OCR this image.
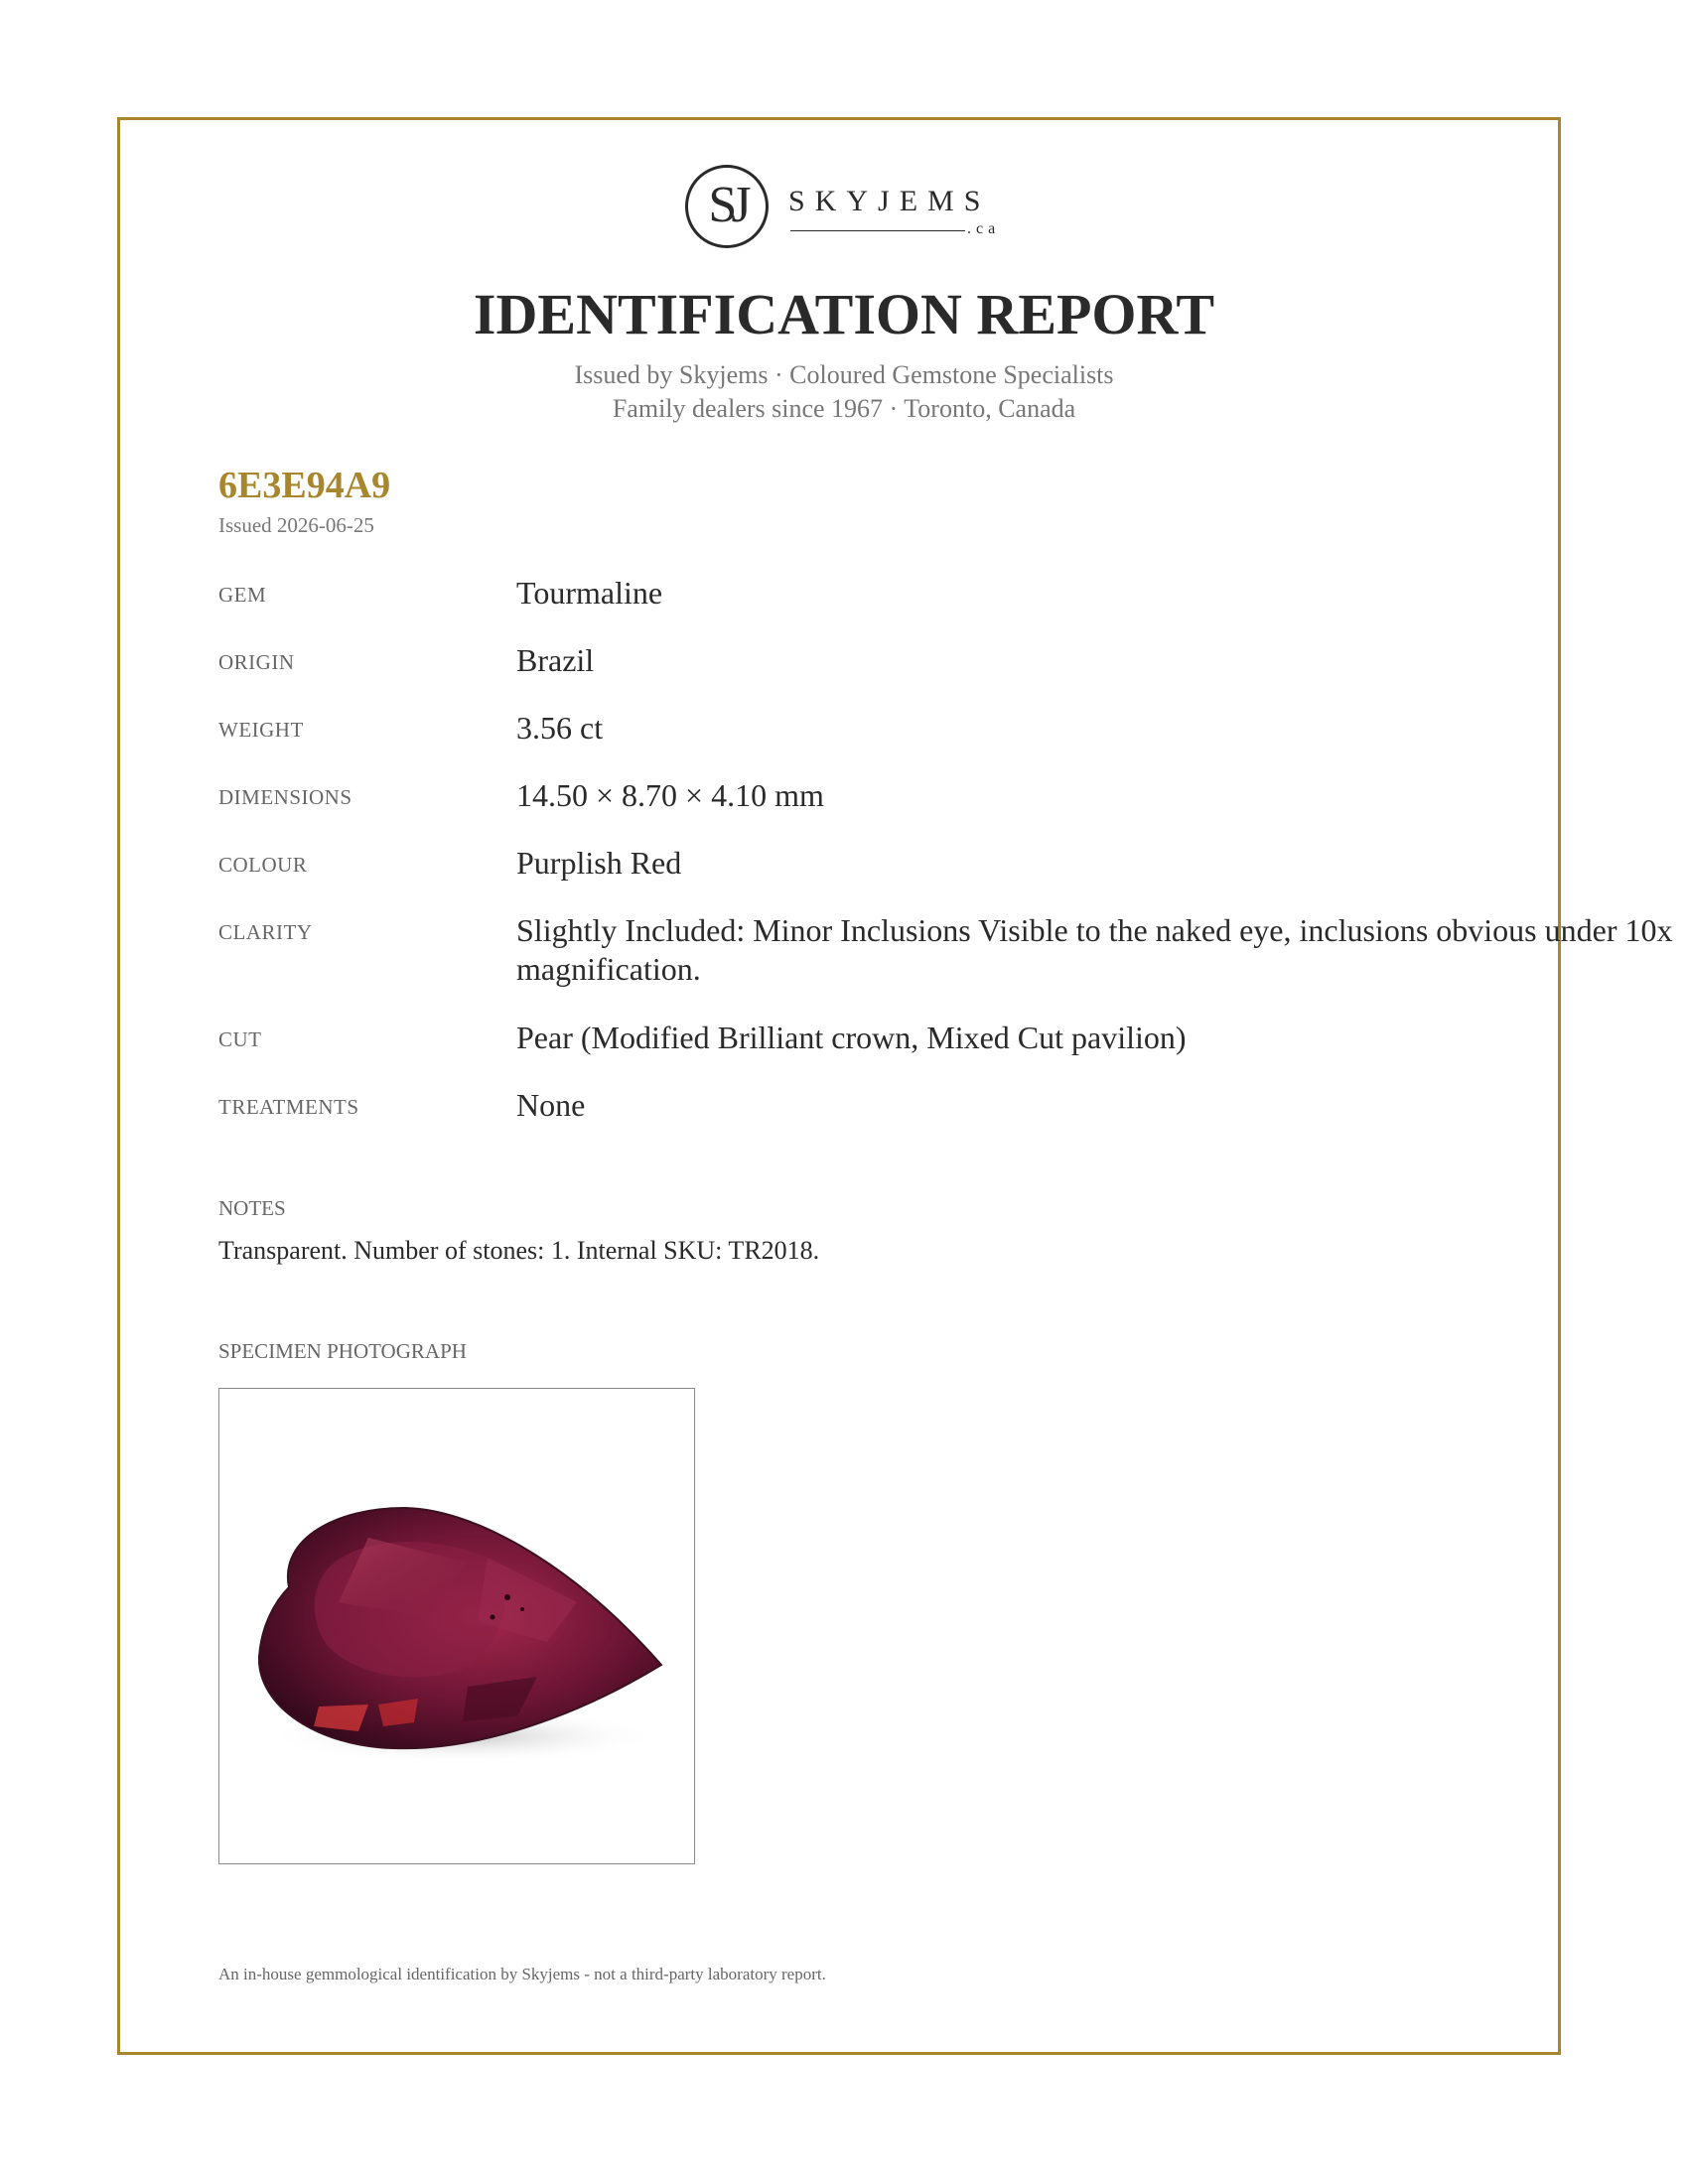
SJ	SKYJEMS
.ca
IDENTIFICATION REPORT
Issued by Skyjems · Coloured Gemstone Specialists
Family dealers since 1967 · Toronto, Canada
6E3E94A9
Issued 2026-06-25
GEM	Tourmaline
ORIGIN	Brazil
WEIGHT	3.56 ct
DIMENSIONS	14.50 × 8.70 × 4.10 mm
COLOUR	Purplish Red
CLARITY	Slightly Included: Minor Inclusions Visible to the naked eye, inclusions obvious under 10x magnification.
CUT	Pear (Modified Brilliant crown, Mixed Cut pavilion)
TREATMENTS	None
NOTES
Transparent. Number of stones: 1. Internal SKU: TR2018.
SPECIMEN PHOTOGRAPH
An in-house gemmological identification by Skyjems - not a third-party laboratory report.
